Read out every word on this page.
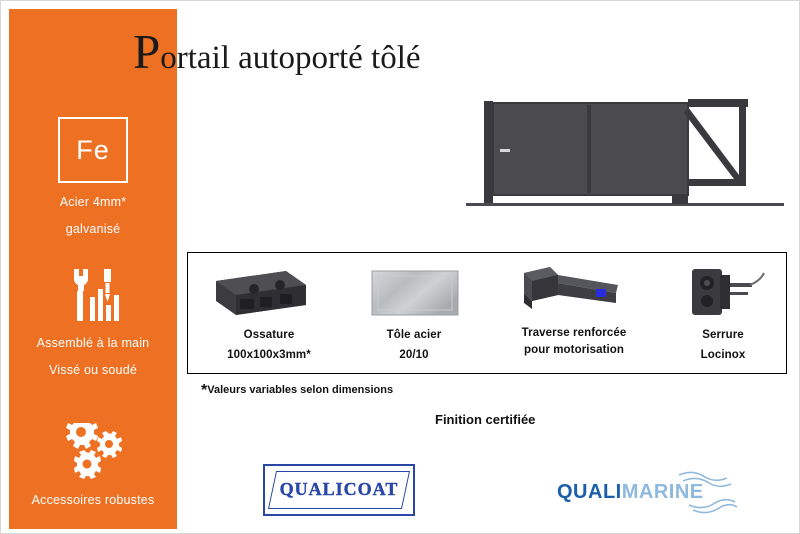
Fe
Acier 4mm*
galvanisé
Assemblé à la main
Vissé ou soudé
Accessoires robustes
Portail autoporté tôlé
Ossature
100x100x3mm*
Tôle acier
20/10
Traverse renforcée
pour motorisation
Serrure
Locinox
*Valeurs variables selon dimensions
Finition certifiée
QUALICOAT	QUALIMARINE
